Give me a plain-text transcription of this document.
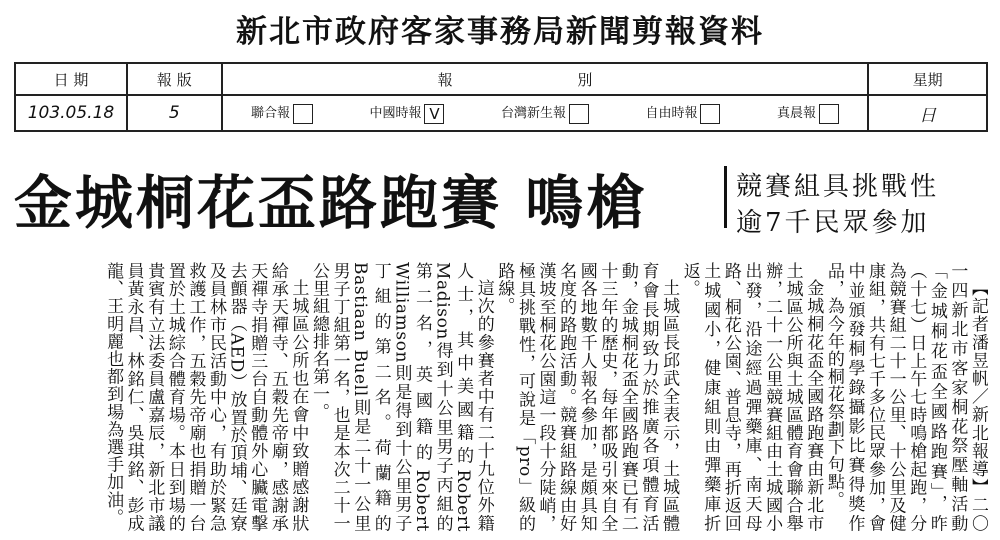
新北市政府客家事務局新聞剪報資料
日 期	報 版	報 別	星期
103.05.18	5	聯合報 中國時報 V 台灣新生報 自由時報 真晨報	日
金城桐花盃路跑賽 鳴槍	競賽組具挑戰性
逾7千民眾參加

【記者潘昱帆／新北報導】二〇一四新北市客家桐花祭壓軸活動「金城桐花盃全國路跑賽」，昨（十七）日上午七時鳴槍起跑，分為競賽組二十一公里、十公里及健康組，共有七千多位民眾參加，會中並頒發桐學錄攝影比賽得獎作品，為今年的桐花祭劃下句點。

金城桐花盃全國路跑賽由新北市土城區公所與土城區體育會聯合舉辦，二十一公里競賽組由土城國小出發，沿途經過彈藥庫、南天母路、桐花公園、普息寺，再折返回土城國小，健康組則由彈藥庫折返。

土城區長邱武全表示，土城區體育會長期致力於推廣各項體育活動，金城桐花盃全國路跑賽已有二十三年的歷史，每年都吸引來自全國各地數千人報名參加，是頗具知名度的路跑活動。競賽組路線由好漢坡至桐花公園這一段十分陡峭，極具挑戰性，可說是「pro」級的路線。

這次的參賽者中有二十九位外籍人士，其中美國籍的Robert Madison得到十公里男子丙組的第二名，英國籍的Robert Williamson則是得到十公里男子丁組的第二名。荷蘭籍的Bastiaan Buell則是二十一公里男子丁組第一名，也是本次二十一公里組總排名第一。

土城區公所也在會中致贈感謝狀給承天禪寺、五穀先帝廟，感謝承天禪寺捐贈三台自動體外心臟電擊去顫器（AED）放置於頂埔、廷寮及員林市民活動中心，有助於緊急救護工作，五穀先帝廟也捐贈一台置於土城綜合體育場。本日到場的貴賓有立法委員盧嘉辰，新北市議員黃永昌、林銘仁、吳琪銘、彭成龍、王明麗也都到場為選手加油。
